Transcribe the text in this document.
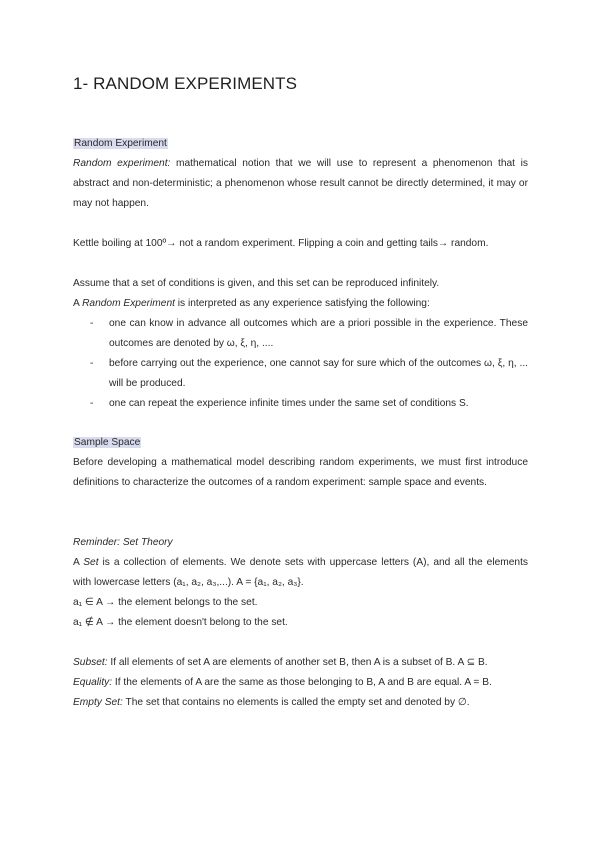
1- RANDOM EXPERIMENTS

Random Experiment

Random experiment: mathematical notion that we will use to represent a phenomenon that is abstract and non-deterministic; a phenomenon whose result cannot be directly determined, it may or may not happen.

Kettle boiling at 100º→ not a random experiment. Flipping a coin and getting tails→ random.

Assume that a set of conditions is given, and this set can be reproduced infinitely.

A Random Experiment is interpreted as any experience satisfying the following:

- one can know in advance all outcomes which are a priori possible in the experience. These outcomes are denoted by ω, ξ, η, ....
- before carrying out the experience, one cannot say for sure which of the outcomes ω, ξ, η, ... will be produced.
- one can repeat the experience infinite times under the same set of conditions S.

Sample Space

Before developing a mathematical model describing random experiments, we must first introduce definitions to characterize the outcomes of a random experiment: sample space and events.

Reminder: Set Theory

A Set is a collection of elements. We denote sets with uppercase letters (A), and all the elements with lowercase letters (a₁, a₂, a₃,...). A = {a₁, a₂, a₃}.

a₁ ∈ A → the element belongs to the set.

a₁ ∉ A → the element doesn't belong to the set.

Subset: If all elements of set A are elements of another set B, then A is a subset of B. A ⊆ B.

Equality: If the elements of A are the same as those belonging to B, A and B are equal. A = B.

Empty Set: The set that contains no elements is called the empty set and denoted by ∅.
